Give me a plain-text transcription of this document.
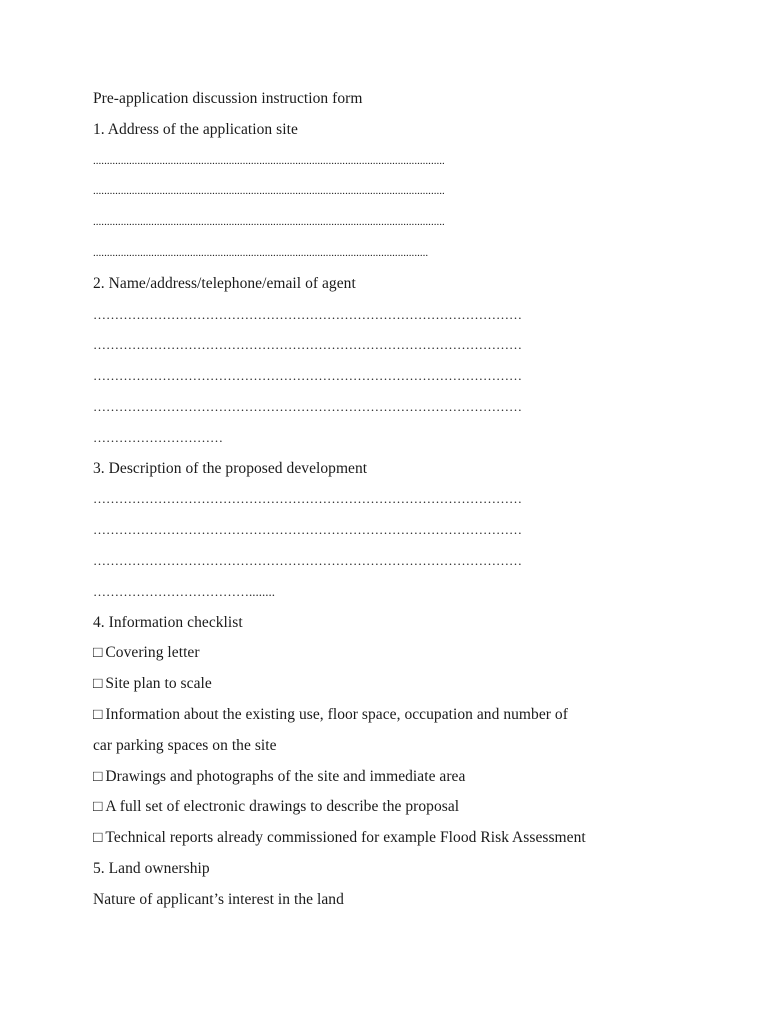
Pre-application discussion instruction form
1. Address of the application site
...............................................................................................................................
...............................................................................................................................
...............................................................................................................................
.........................................................................................................................
2. Name/address/telephone/email of agent
………………………………………………………………………………………
………………………………………………………………………………………
………………………………………………………………………………………
………………………………………………………………………………………
…………………………
3. Description of the proposed development
………………………………………………………………………………………
………………………………………………………………………………………
………………………………………………………………………………………
………………………………........
4. Information checklist
□ Covering letter
□ Site plan to scale
□ Information about the existing use, floor space, occupation and number of
car parking spaces on the site
□ Drawings and photographs of the site and immediate area
□ A full set of electronic drawings to describe the proposal
□ Technical reports already commissioned for example Flood Risk Assessment
5. Land ownership
Nature of applicant’s interest in the land
